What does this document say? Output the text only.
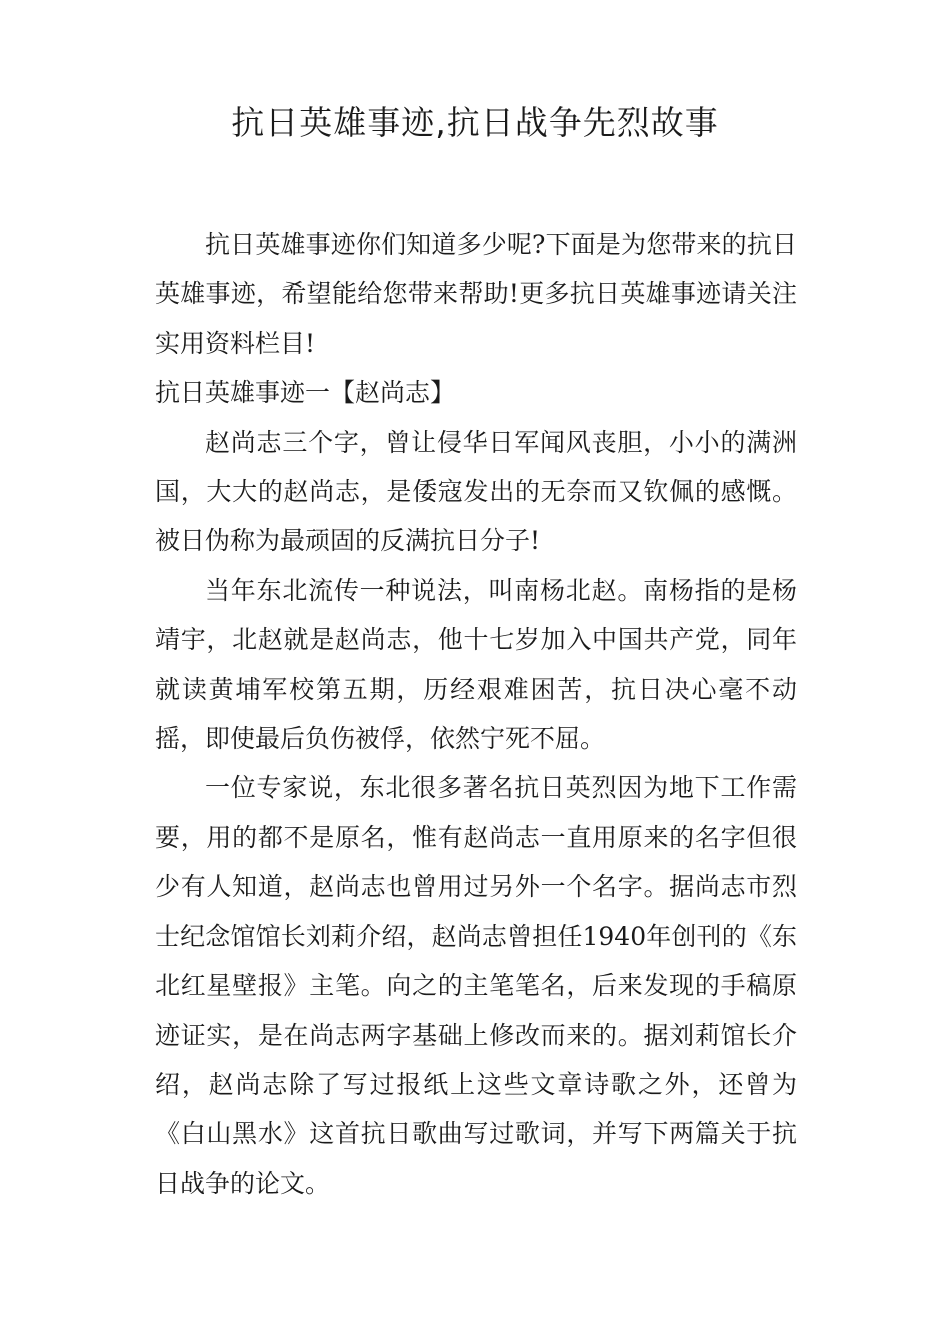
抗日英雄事迹,抗日战争先烈故事

抗日英雄事迹你们知道多少呢?下面是为您带来的抗日英雄事迹，希望能给您带来帮助!更多抗日英雄事迹请关注实用资料栏目!

抗日英雄事迹一【赵尚志】

赵尚志三个字，曾让侵华日军闻风丧胆，小小的满洲国，大大的赵尚志，是倭寇发出的无奈而又钦佩的感慨。被日伪称为最顽固的反满抗日分子!

当年东北流传一种说法，叫南杨北赵。南杨指的是杨靖宇，北赵就是赵尚志，他十七岁加入中国共产党，同年就读黄埔军校第五期，历经艰难困苦，抗日决心毫不动摇，即使最后负伤被俘，依然宁死不屈。

一位专家说，东北很多著名抗日英烈因为地下工作需要，用的都不是原名，惟有赵尚志一直用原来的名字但很少有人知道，赵尚志也曾用过另外一个名字。据尚志市烈士纪念馆馆长刘莉介绍，赵尚志曾担任1940年创刊的《东北红星壁报》主笔。向之的主笔笔名，后来发现的手稿原迹证实，是在尚志两字基础上修改而来的。据刘莉馆长介绍，赵尚志除了写过报纸上这些文章诗歌之外，还曾为《白山黑水》这首抗日歌曲写过歌词，并写下两篇关于抗日战争的论文。
